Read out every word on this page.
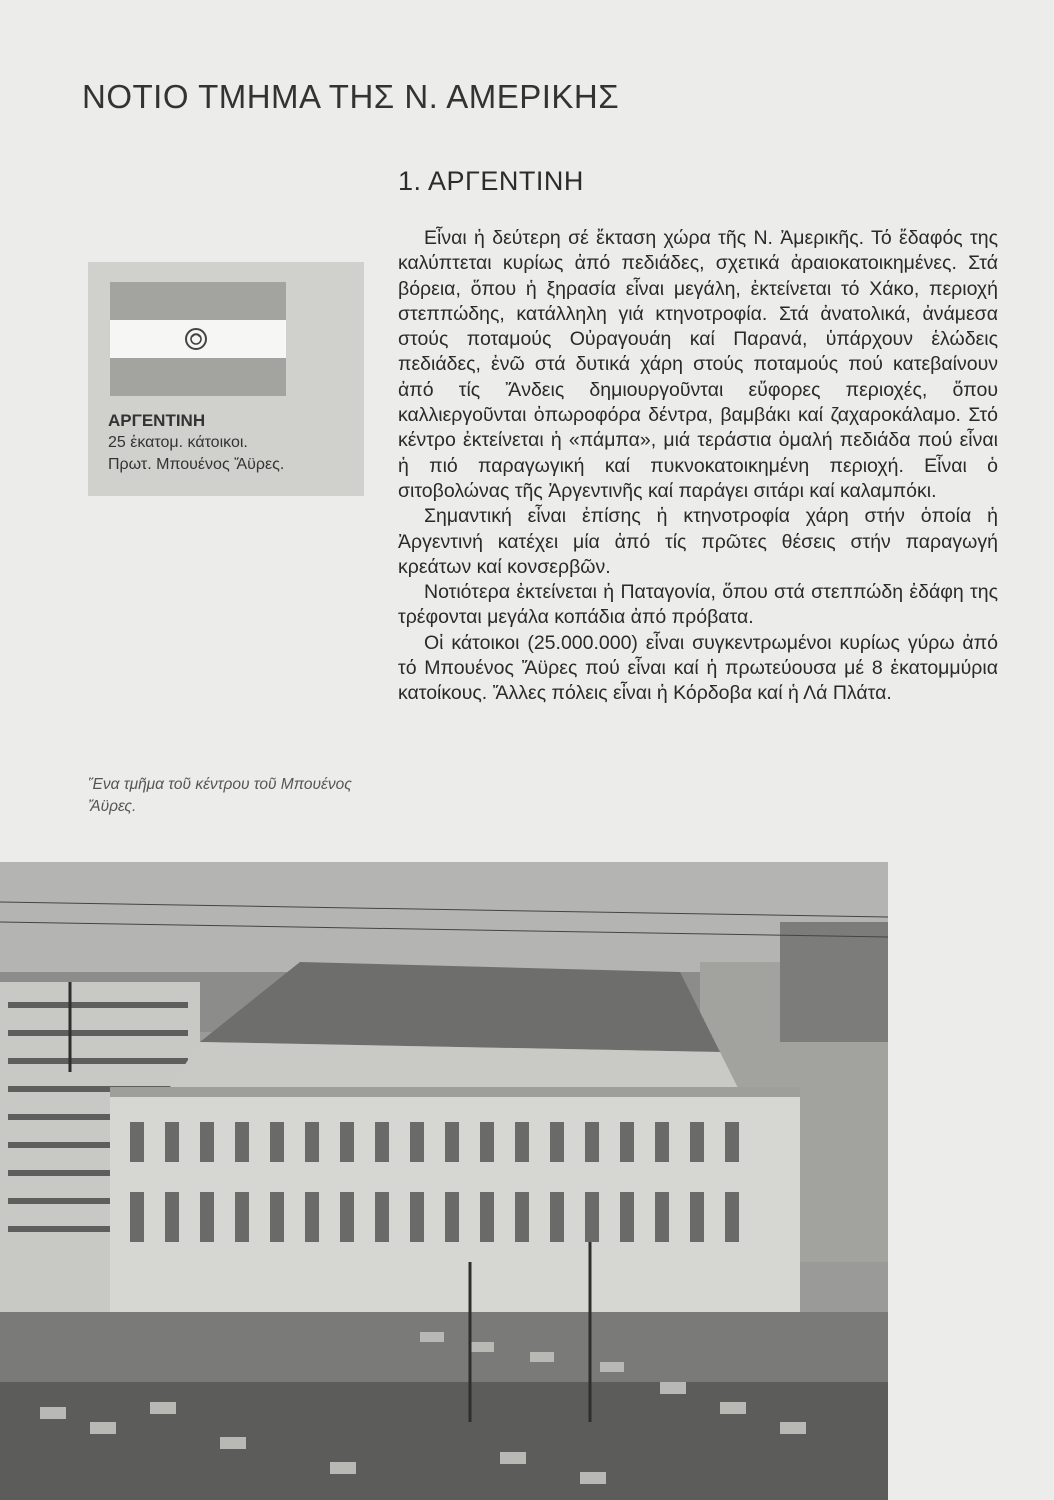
ΝΟΤΙΟ ΤΜΗΜΑ ΤΗΣ Ν. ΑΜΕΡΙΚΗΣ
1. ΑΡΓΕΝΤΙΝΗ
ΑΡΓΕΝΤΙΝΗ
25 ἑκατομ. κάτοικοι.
Πρωτ. Μπουένος Ἄϋρες.

Εἶναι ἡ δεύτερη σέ ἔκταση χώρα τῆς Ν. Ἀμερικῆς. Τό ἔδαφός της καλύπτεται κυρίως ἀπό πεδιάδες, σχετικά ἀραιοκατοικημένες. Στά βόρεια, ὅπου ἡ ξηρασία εἶναι μεγάλη, ἐκτείνεται τό Χάκο, περιοχή στεππώδης, κατάλληλη γιά κτηνοτροφία. Στά ἀνατολικά, ἀνάμεσα στούς ποταμούς Οὐραγουάη καί Παρανά, ὑπάρχουν ἑλώδεις πεδιάδες, ἐνῶ στά δυτικά χάρη στούς ποταμούς πού κατεβαίνουν ἀπό τίς Ἄνδεις δημιουργοῦνται εὔφορες περιοχές, ὅπου καλλιεργοῦνται ὀπωροφόρα δέντρα, βαμβάκι καί ζαχαροκάλαμο. Στό κέντρο ἐκτείνεται ἡ «πάμπα», μιά τεράστια ὁμαλή πεδιάδα πού εἶναι ἡ πιό παραγωγική καί πυκνοκατοικημένη περιοχή. Εἶναι ὁ σιτοβολώνας τῆς Ἀργεντινῆς καί παράγει σιτάρι καί καλαμπόκι.

Σημαντική εἶναι ἐπίσης ἡ κτηνοτροφία χάρη στήν ὁποία ἡ Ἀργεντινή κατέχει μία ἀπό τίς πρῶτες θέσεις στήν παραγωγή κρεάτων καί κονσερβῶν.

Νοτιότερα ἐκτείνεται ἡ Παταγονία, ὅπου στά στεππώδη ἐδάφη της τρέφονται μεγάλα κοπάδια ἀπό πρόβατα.

Οἱ κάτοικοι (25.000.000) εἶναι συγκεντρωμένοι κυρίως γύρω ἀπό τό Μπουένος Ἄϋρες πού εἶναι καί ἡ πρωτεύουσα μέ 8 ἑκατομμύρια κατοίκους. Ἄλλες πόλεις εἶναι ἡ Κόρδοβα καί ἡ Λά Πλάτα.

Ἕνα τμῆμα τοῦ κέντρου τοῦ Μπουένος Ἄϋρες.
